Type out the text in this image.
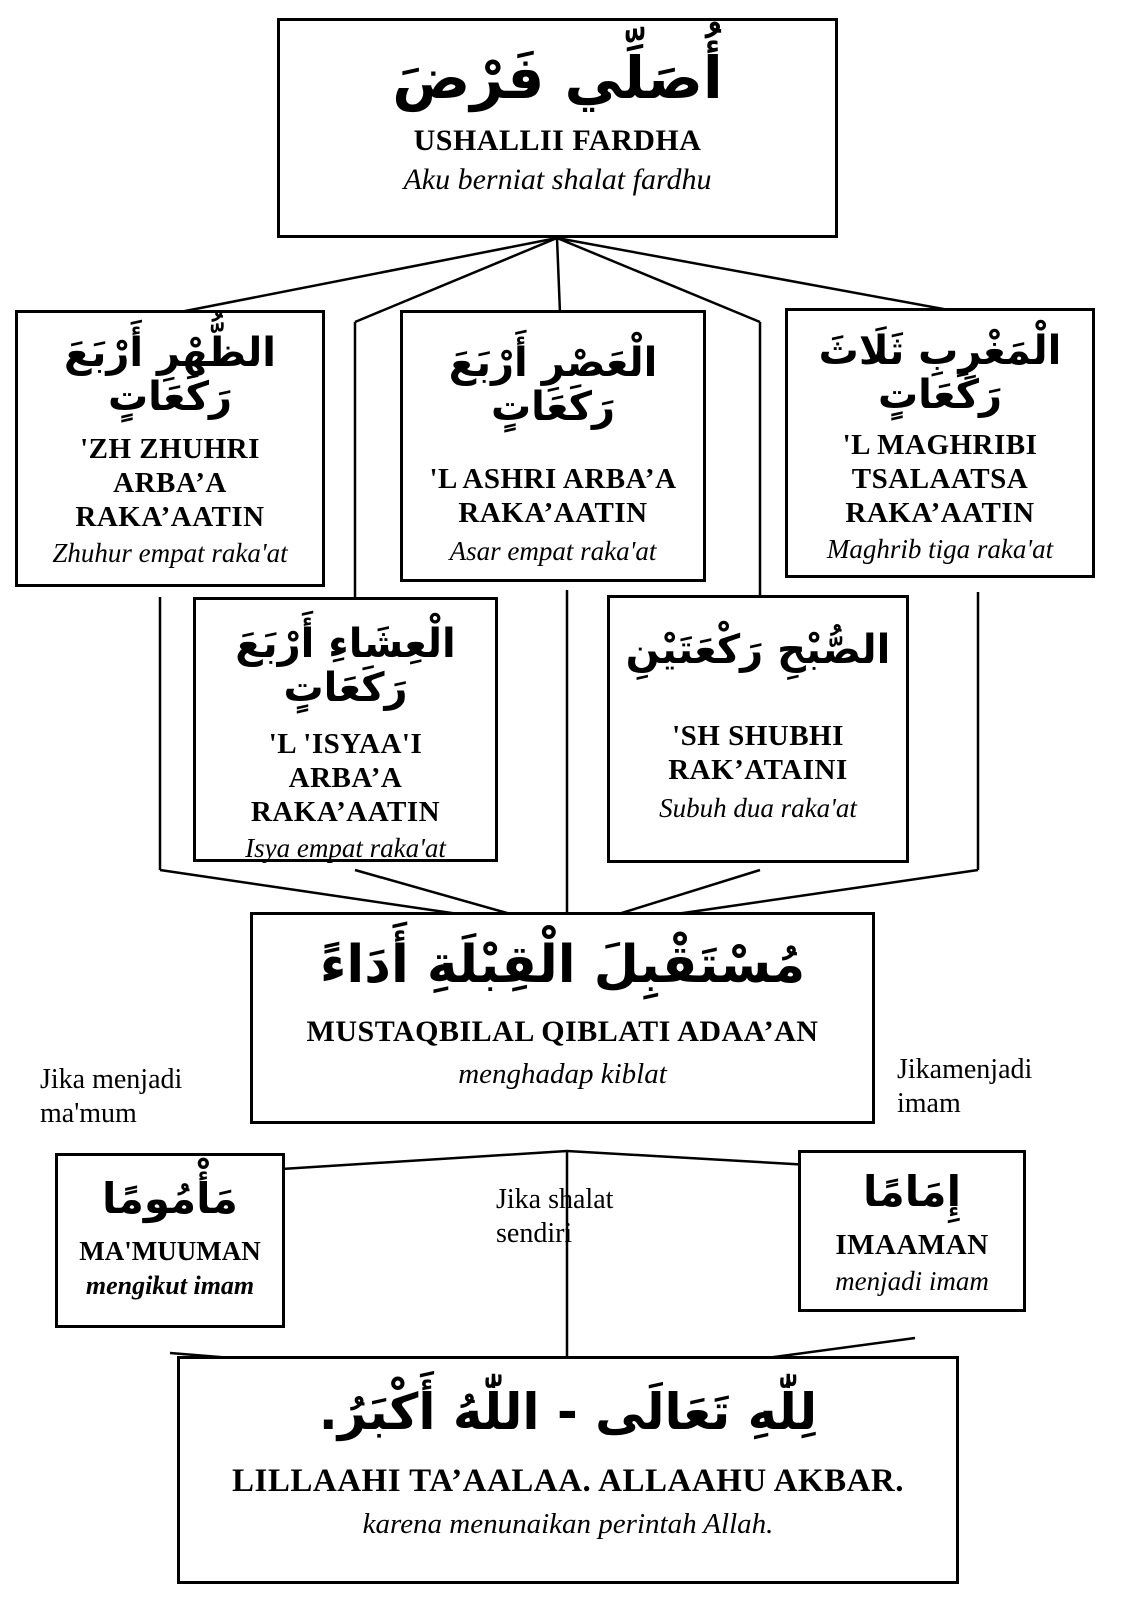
أُصَلِّي فَرْضَ
USHALLII FARDHA
Aku berniat shalat fardhu
الظُّهْرِ أَرْبَعَ رَكَعَاتٍ
'ZH ZHUHRI
ARBA’A
RAKA’AATIN
Zhuhur empat raka'at
الْعَصْرِ أَرْبَعَ رَكَعَاتٍ
'L ASHRI ARBA’A
RAKA’AATIN
Asar empat raka'at
الْمَغْرِبِ ثَلَاثَ رَكَعَاتٍ
'L MAGHRIBI
TSALAATSA
RAKA’AATIN
Maghrib tiga raka'at
الْعِشَاءِ أَرْبَعَ رَكَعَاتٍ
'L 'ISYAA'I
ARBA’A
RAKA’AATIN
Isya empat raka'at
الصُّبْحِ رَكْعَتَيْنِ
'SH SHUBHI
RAK’ATAINI
Subuh dua raka'at
مُسْتَقْبِلَ الْقِبْلَةِ أَدَاءً
MUSTAQBILAL QIBLATI ADAA’AN
menghadap kiblat
مَأْمُومًا
MA'MUUMAN
mengikut imam
إِمَامًا
IMAAMAN
menjadi imam
لِلّٰهِ تَعَالَى - اللّٰهُ أَكْبَرُ.
LILLAAHI TA’AALAA. ALLAAHU AKBAR.
karena menunaikan perintah Allah.
Jika menjadi
ma'mum
Jikamenjadi
imam
Jika shalat
sendiri
